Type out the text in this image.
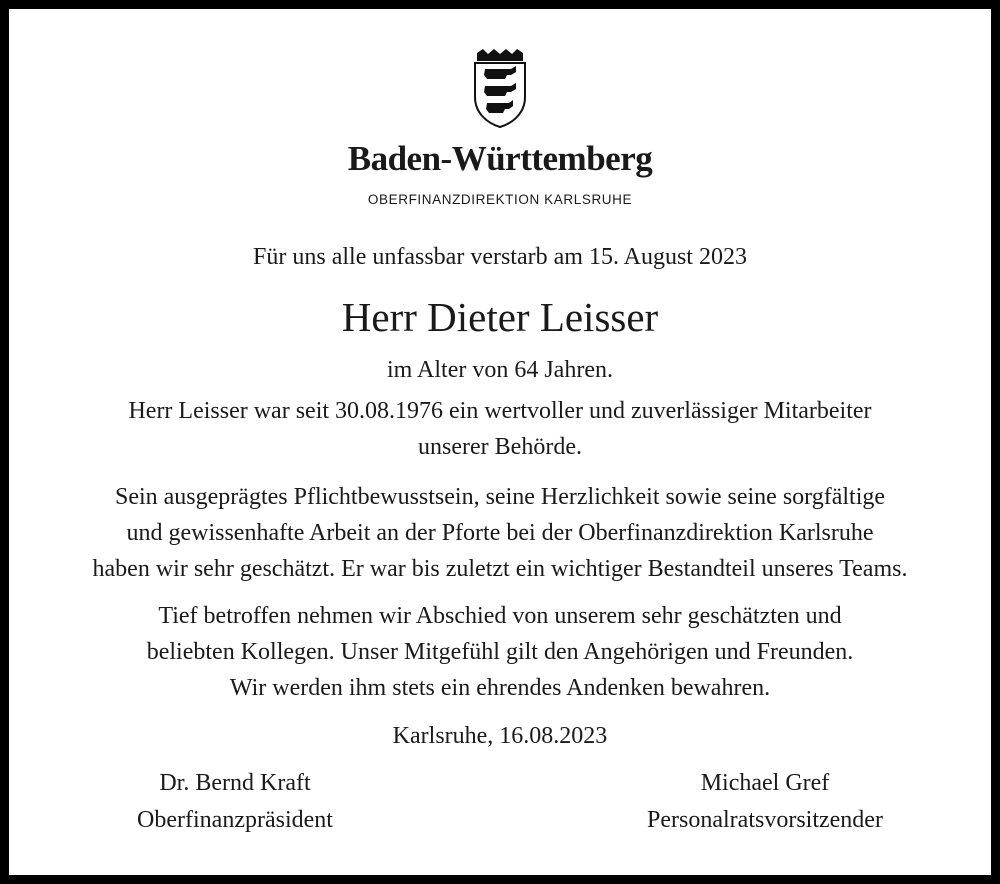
Baden-Württemberg
OBERFINANZDIREKTION KARLSRUHE
Für uns alle unfassbar verstarb am 15. August 2023
Herr Dieter Leisser
im Alter von 64 Jahren.
Herr Leisser war seit 30.08.1976 ein wertvoller und zuverlässiger Mitarbeiter
unserer Behörde.
Sein ausgeprägtes Pflichtbewusstsein, seine Herzlichkeit sowie seine sorgfältige
und gewissenhafte Arbeit an der Pforte bei der Oberfinanzdirektion Karlsruhe
haben wir sehr geschätzt. Er war bis zuletzt ein wichtiger Bestandteil unseres Teams.
Tief betroffen nehmen wir Abschied von unserem sehr geschätzten und
beliebten Kollegen. Unser Mitgefühl gilt den Angehörigen und Freunden.
Wir werden ihm stets ein ehrendes Andenken bewahren.
Karlsruhe, 16.08.2023
Dr. Bernd Kraft
Oberfinanzpräsident
Michael Gref
Personalratsvorsitzender
